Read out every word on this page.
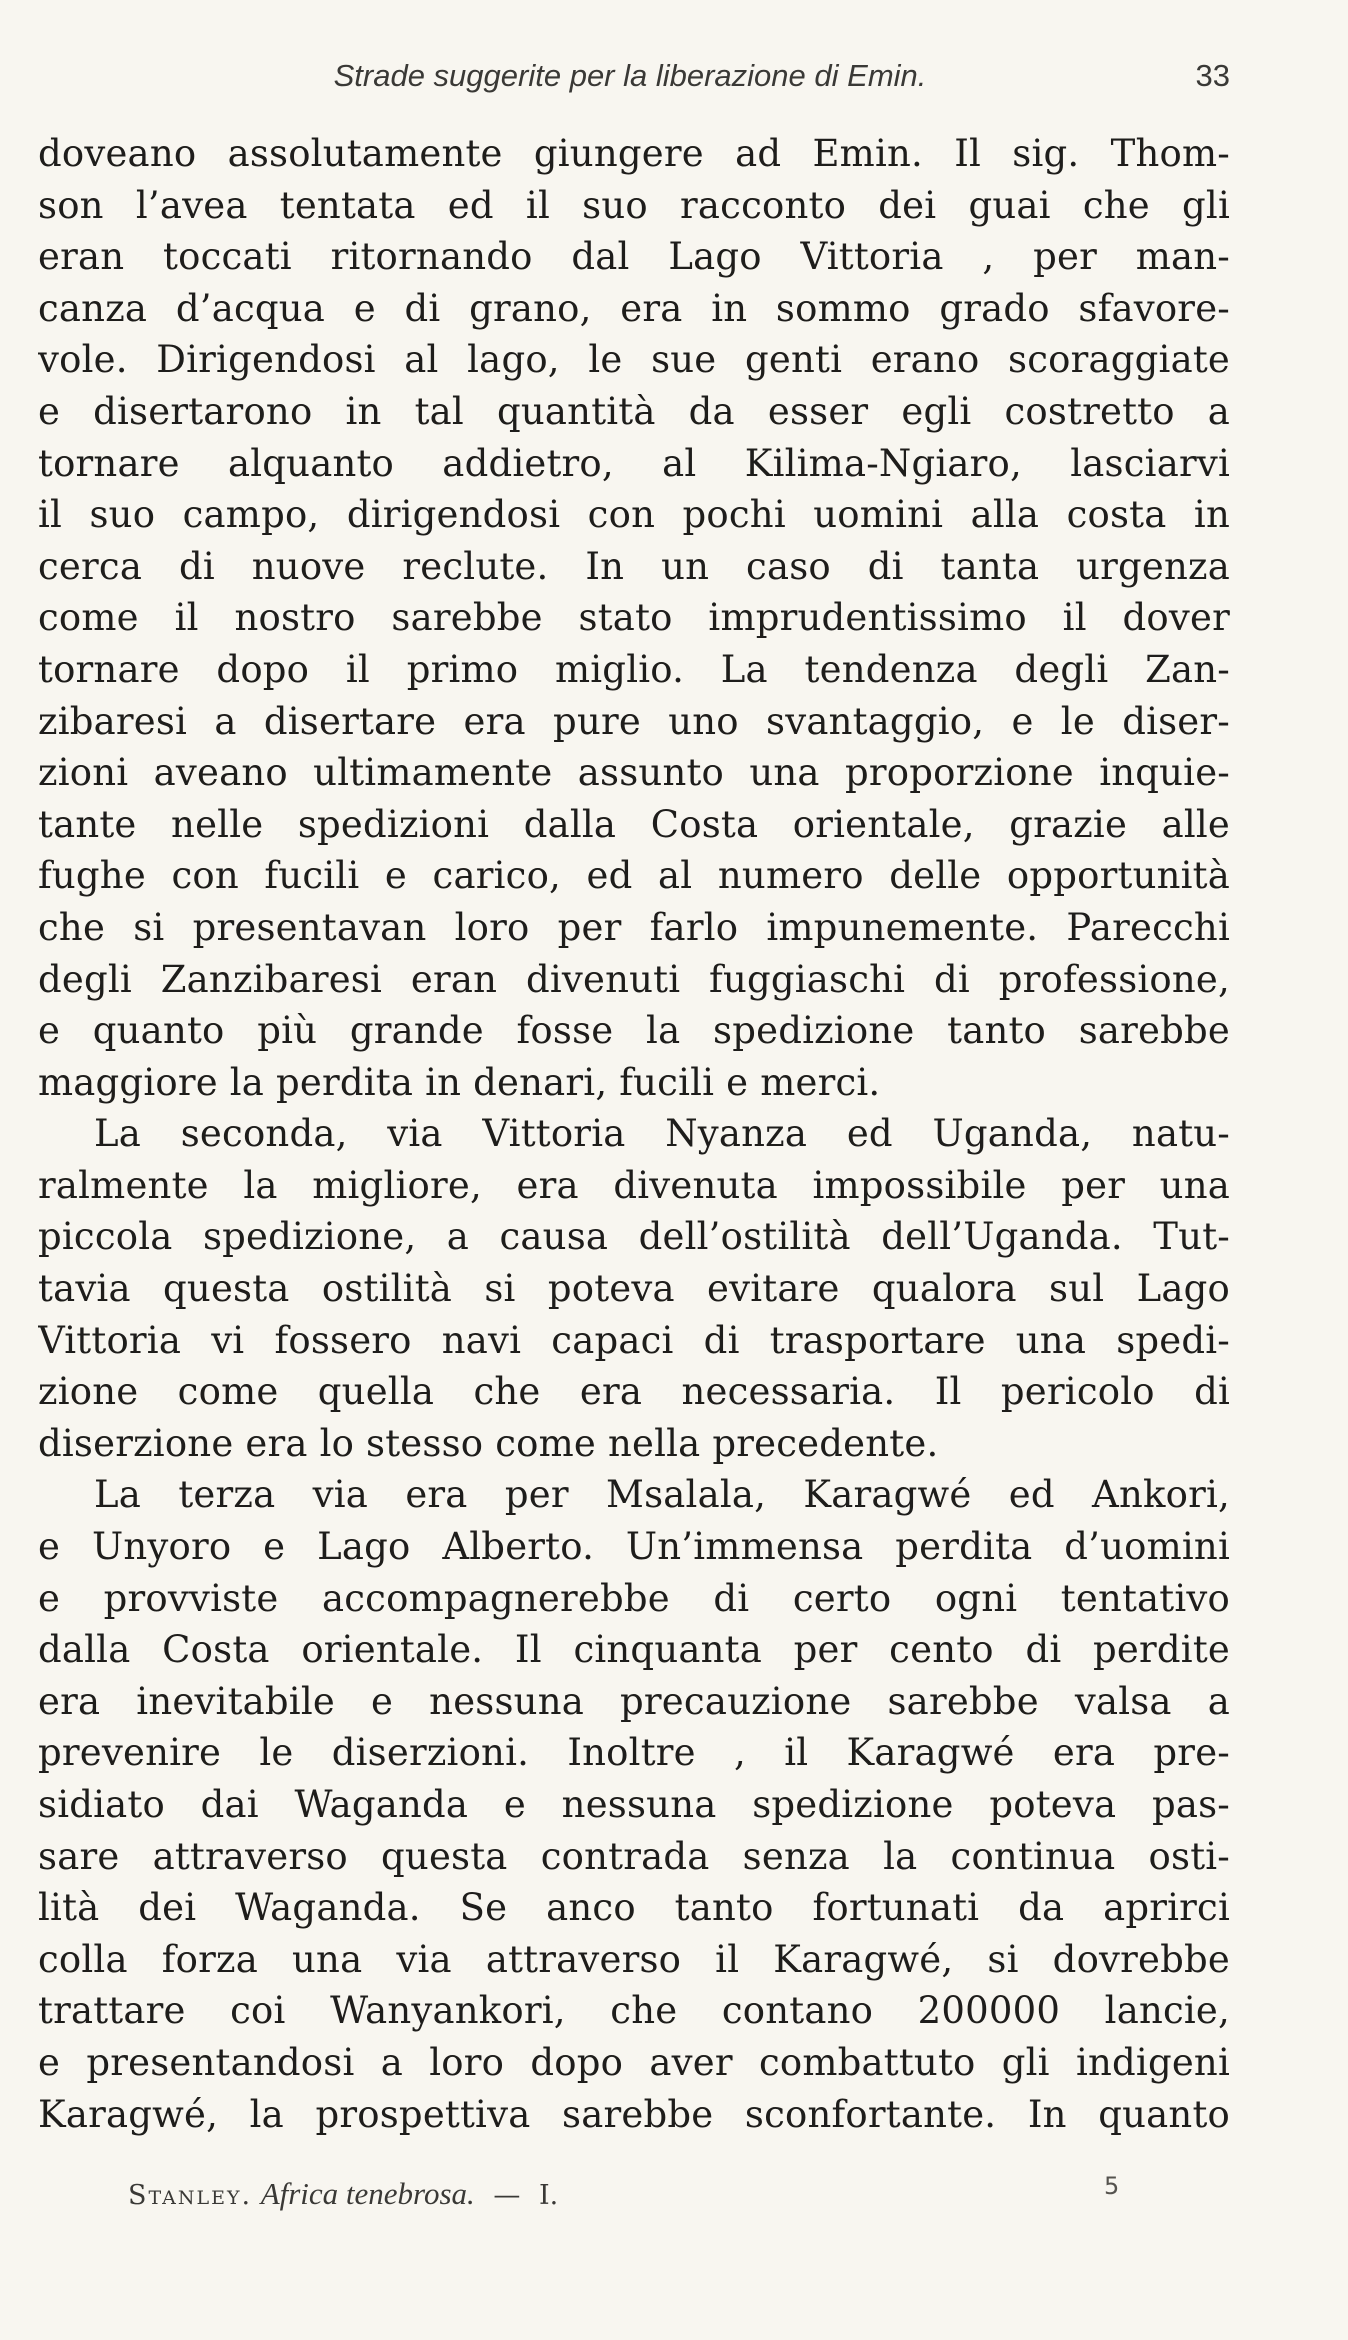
Strade suggerite per la liberazione di Emin.	33
doveano assolutamente giungere ad Emin. Il sig. Thom-
son l’avea tentata ed il suo racconto dei guai che gli
eran toccati ritornando dal Lago Vittoria , per man-
canza d’acqua e di grano, era in sommo grado sfavore-
vole. Dirigendosi al lago, le sue genti erano scoraggiate
e disertarono in tal quantità da esser egli costretto a
tornare alquanto addietro, al Kilima-Ngiaro, lasciarvi
il suo campo, dirigendosi con pochi uomini alla costa in
cerca di nuove reclute. In un caso di tanta urgenza
come il nostro sarebbe stato imprudentissimo il dover
tornare dopo il primo miglio. La tendenza degli Zan-
zibaresi a disertare era pure uno svantaggio, e le diser-
zioni aveano ultimamente assunto una proporzione inquie-
tante nelle spedizioni dalla Costa orientale, grazie alle
fughe con fucili e carico, ed al numero delle opportunità
che si presentavan loro per farlo impunemente. Parecchi
degli Zanzibaresi eran divenuti fuggiaschi di professione,
e quanto più grande fosse la spedizione tanto sarebbe
maggiore la perdita in denari, fucili e merci.
La seconda, via Vittoria Nyanza ed Uganda, natu-
ralmente la migliore, era divenuta impossibile per una
piccola spedizione, a causa dell’ostilità dell’Uganda. Tut-
tavia questa ostilità si poteva evitare qualora sul Lago
Vittoria vi fossero navi capaci di trasportare una spedi-
zione come quella che era necessaria. Il pericolo di
diserzione era lo stesso come nella precedente.
La terza via era per Msalala, Karagwé ed Ankori,
e Unyoro e Lago Alberto. Un’immensa perdita d’uomini
e provviste accompagnerebbe di certo ogni tentativo
dalla Costa orientale. Il cinquanta per cento di perdite
era inevitabile e nessuna precauzione sarebbe valsa a
prevenire le diserzioni. Inoltre , il Karagwé era pre-
sidiato dai Waganda e nessuna spedizione poteva pas-
sare attraverso questa contrada senza la continua osti-
lità dei Waganda. Se anco tanto fortunati da aprirci
colla forza una via attraverso il Karagwé, si dovrebbe
trattare coi Wanyankori, che contano 200000 lancie,
e presentandosi a loro dopo aver combattuto gli indigeni
Karagwé, la prospettiva sarebbe sconfortante. In quanto
Stanley. Africa tenebrosa. — I.	5
